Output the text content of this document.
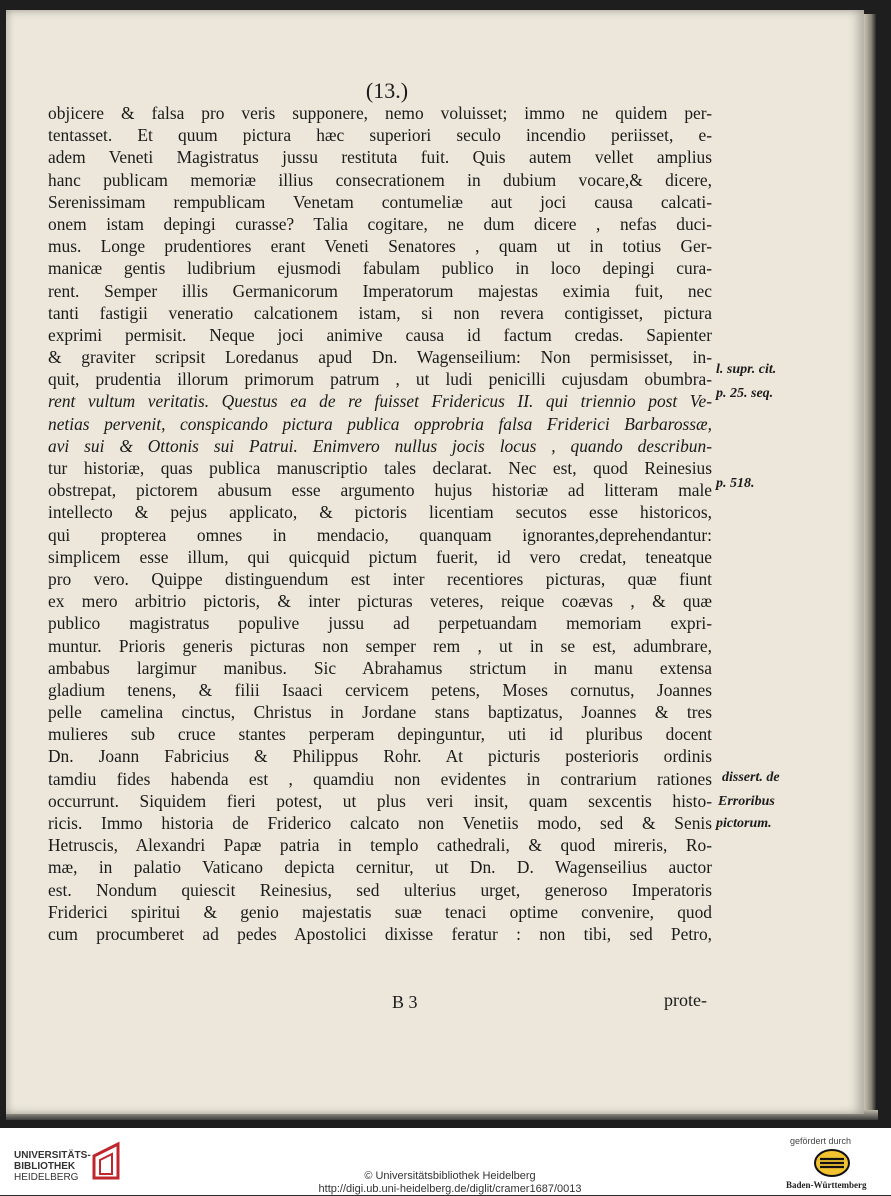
(13.)
objicere & falsa pro veris supponere, nemo voluisset; immo ne quidem per-
tentasset. Et quum pictura hæc superiori seculo incendio periisset, e-
adem Veneti Magistratus jussu restituta fuit. Quis autem vellet amplius
hanc publicam memoriæ illius consecrationem in dubium vocare,& dicere,
Serenissimam rempublicam Venetam contumeliæ aut joci causa calcati-
onem istam depingi curasse? Talia cogitare, ne dum dicere , nefas duci-
mus. Longe prudentiores erant Veneti Senatores , quam ut in totius Ger-
manicæ gentis ludibrium ejusmodi fabulam publico in loco depingi cura-
rent. Semper illis Germanicorum Imperatorum majestas eximia fuit, nec
tanti fastigii veneratio calcationem istam, si non revera contigisset, pictura
exprimi permisit. Neque joci animive causa id factum credas. Sapienter
& graviter scripsit Loredanus apud Dn. Wagenseilium: Non permisisset, in-
quit, prudentia illorum primorum patrum , ut ludi penicilli cujusdam obumbra-
rent vultum veritatis. Questus ea de re fuisset Fridericus II. qui triennio post Ve-
netias pervenit, conspicando pictura publica opprobria falsa Friderici Barbarossæ,
avi sui & Ottonis sui Patrui. Enimvero nullus jocis locus , quando describun-
tur historiæ, quas publica manuscriptio tales declarat. Nec est, quod Reinesius
obstrepat, pictorem abusum esse argumento hujus historiæ ad litteram male
intellecto & pejus applicato, & pictoris licentiam secutos esse historicos,
qui propterea omnes in mendacio, quanquam ignorantes,deprehendantur:
simplicem esse illum, qui quicquid pictum fuerit, id vero credat, teneatque
pro vero. Quippe distinguendum est inter recentiores picturas, quæ fiunt
ex mero arbitrio pictoris, & inter picturas veteres, reique coævas , & quæ
publico magistratus populive jussu ad perpetuandam memoriam expri-
muntur. Prioris generis picturas non semper rem , ut in se est, adumbrare,
ambabus largimur manibus. Sic Abrahamus strictum in manu extensa
gladium tenens, & filii Isaaci cervicem petens, Moses cornutus, Joannes
pelle camelina cinctus, Christus in Jordane stans baptizatus, Joannes & tres
mulieres sub cruce stantes perperam depinguntur, uti id pluribus docent
Dn. Joann Fabricius & Philippus Rohr. At picturis posterioris ordinis
tamdiu fides habenda est , quamdiu non evidentes in contrarium rationes
occurrunt. Siquidem fieri potest, ut plus veri insit, quam sexcentis histo-
ricis. Immo historia de Friderico calcato non Venetiis modo, sed & Senis
Hetruscis, Alexandri Papæ patria in templo cathedrali, & quod mireris, Ro-
mæ, in palatio Vaticano depicta cernitur, ut Dn. D. Wagenseilius auctor
est. Nondum quiescit Reinesius, sed ulterius urget, generoso Imperatoris
Friderici spiritui & genio majestatis suæ tenaci optime convenire, quod
cum procumberet ad pedes Apostolici dixisse feratur : non tibi, sed Petro,
l. supr. cit.
p. 25. seq.
p. 518.
dissert. de
Erroribus
pictorum.
B 3	prote-
UNIVERSITÄTS-
BIBLIOTHEK
HEIDELBERG	© Universitätsbibliothek Heidelberg
http://digi.ub.uni-heidelberg.de/diglit/cramer1687/0013
gefördert durch
Baden-Württemberg
